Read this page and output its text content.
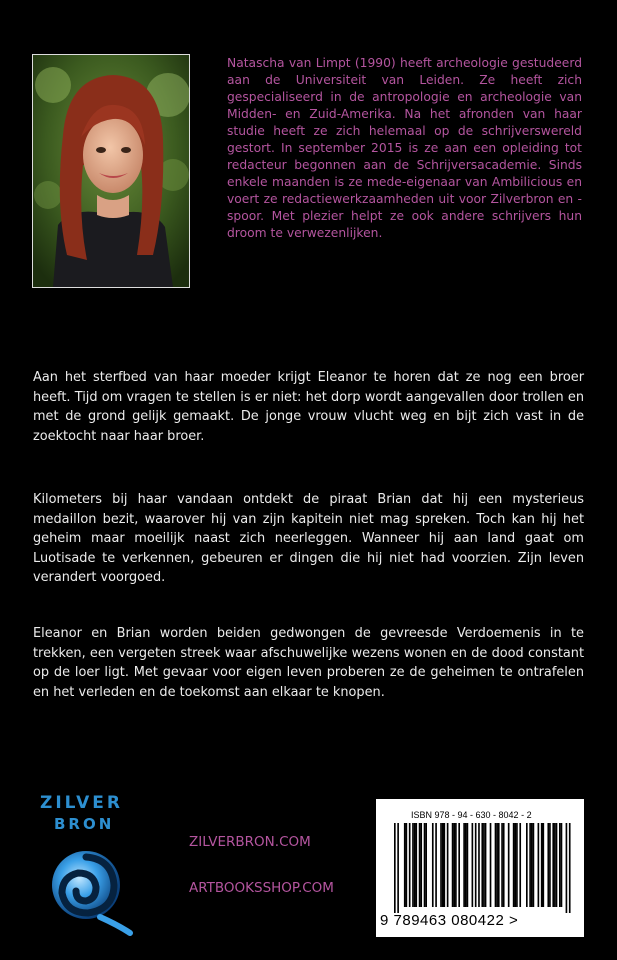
Natascha van Limpt (1990) heeft archeologie gestudeerd aan de Universiteit van Leiden. Ze heeft zich gespecialiseerd in de antropologie en archeologie van Midden- en Zuid-Amerika. Na het afronden van haar studie heeft ze zich helemaal op de schrijverswereld gestort. In september 2015 is ze aan een opleiding tot redacteur begonnen aan de Schrijversacademie. Sinds enkele maanden is ze mede-eigenaar van Ambilicious en voert ze redactiewerkzaamheden uit voor Zilverbron en -spoor. Met plezier helpt ze ook andere schrijvers hun droom te verwezenlijken.

Aan het sterfbed van haar moeder krijgt Eleanor te horen dat ze nog een broer heeft. Tijd om vragen te stellen is er niet: het dorp wordt aangevallen door trollen en met de grond gelijk gemaakt. De jonge vrouw vlucht weg en bijt zich vast in de zoektocht naar haar broer.

Kilometers bij haar vandaan ontdekt de piraat Brian dat hij een mysterieus medaillon bezit, waarover hij van zijn kapitein niet mag spreken. Toch kan hij het geheim maar moeilijk naast zich neerleggen. Wanneer hij aan land gaat om Luotisade te verkennen, gebeuren er dingen die hij niet had voorzien. Zijn leven verandert voorgoed.

Eleanor en Brian worden beiden gedwongen de gevreesde Verdoemenis in te trekken, een vergeten streek waar afschuwelijke wezens wonen en de dood constant op de loer ligt. Met gevaar voor eigen leven proberen ze de geheimen te ontrafelen en het verleden en de toekomst aan elkaar te knopen.

ZILVER
BRON
ZILVERBRON.COM
ARTBOOKSSHOP.COM
ISBN 978 - 94 - 630 - 8042 - 2
9 789463 080422 >
